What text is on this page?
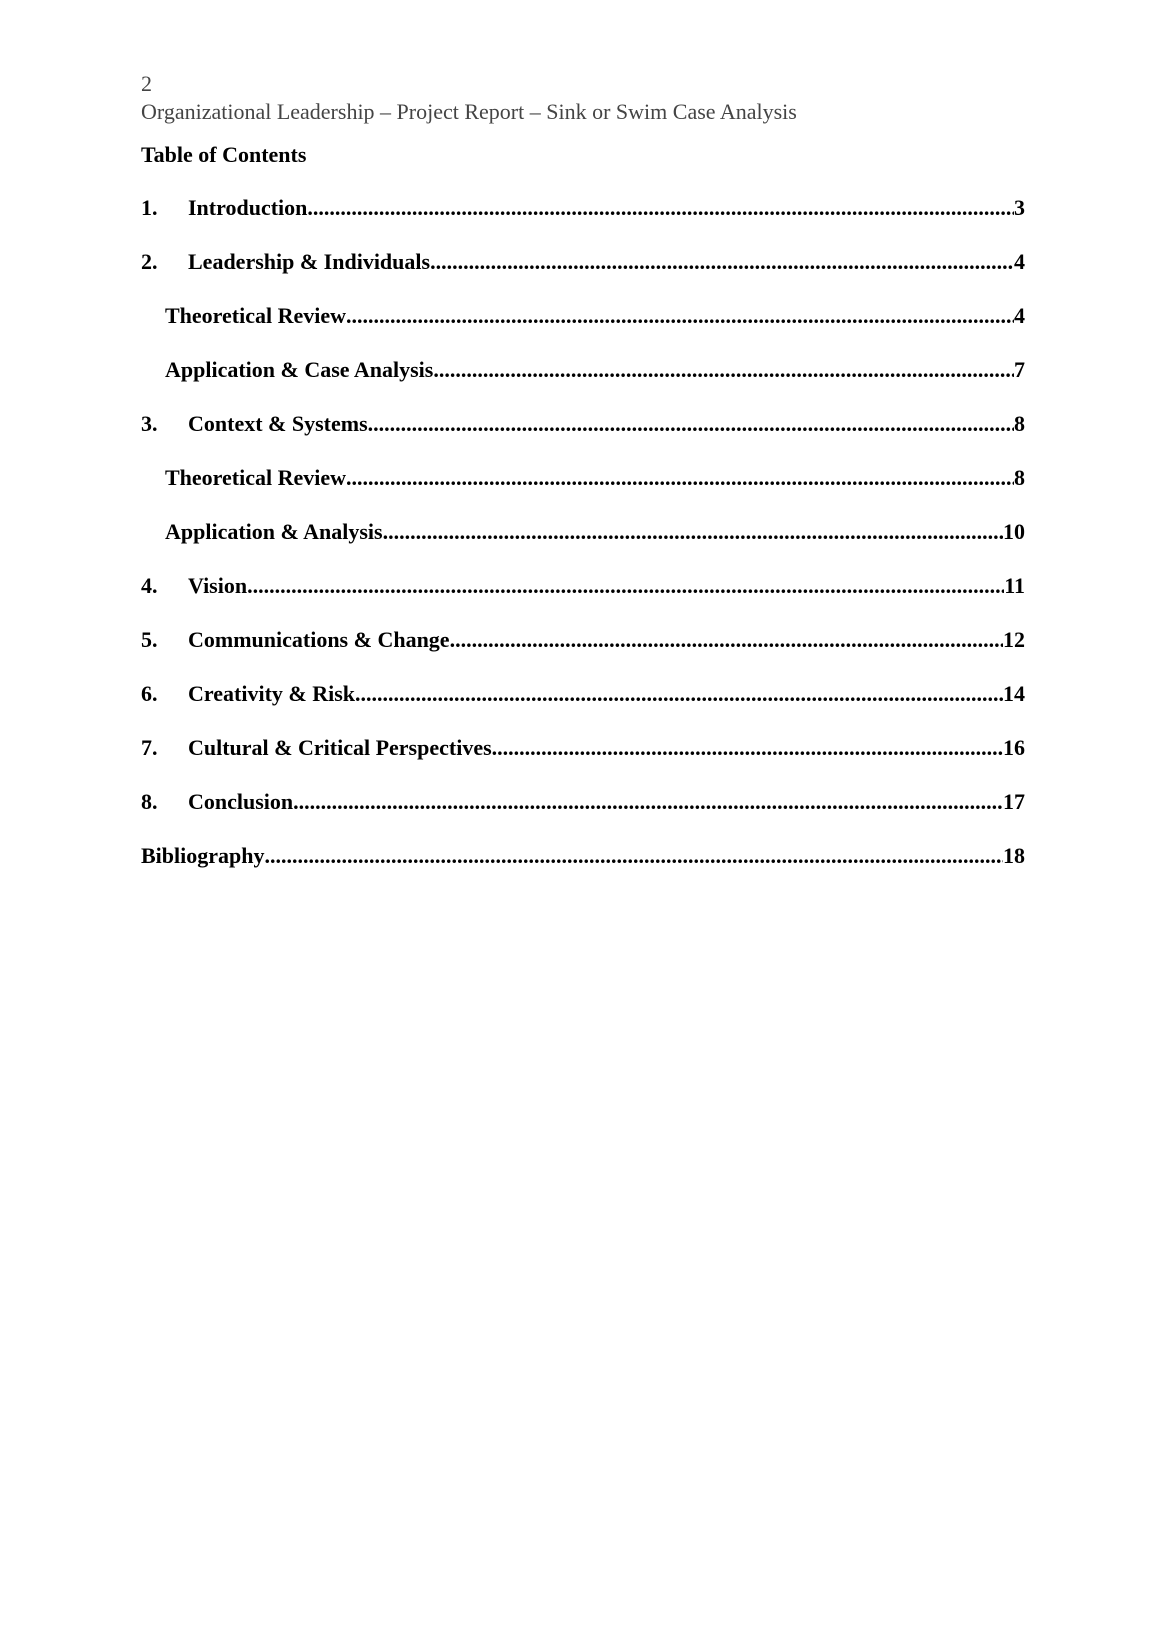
2
Organizational Leadership – Project Report – Sink or Swim Case Analysis
Table of Contents
1.	Introduction .....	3
2.	Leadership & Individuals .....	4
Theoretical Review .....	4
Application & Case Analysis .....	7
3.	Context & Systems .....	8
Theoretical Review .....	8
Application & Analysis .....	10
4.	Vision .....	11
5.	Communications & Change .....	12
6.	Creativity & Risk .....	14
7.	Cultural & Critical Perspectives .....	16
8.	Conclusion .....	17
Bibliography .....	18
